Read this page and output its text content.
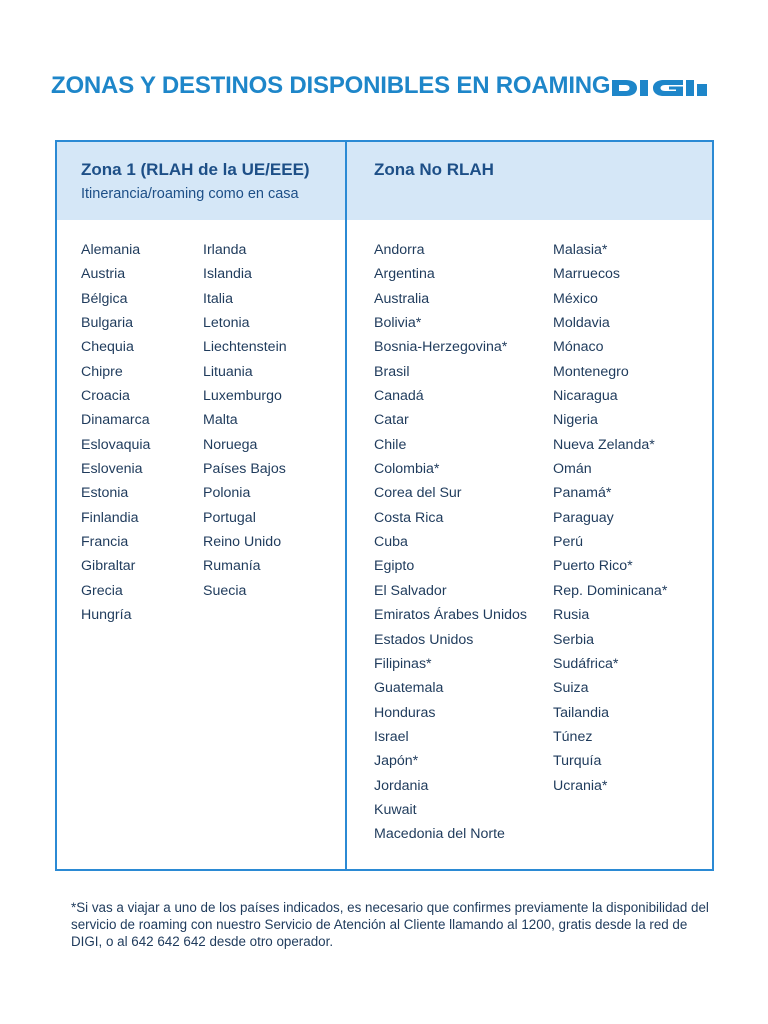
ZONAS Y DESTINOS DISPONIBLES EN ROAMING
Zona 1 (RLAH de la UE/EEE)
Itinerancia/roaming como en casa
Zona No RLAH
Alemania
Austria
Bélgica
Bulgaria
Chequia
Chipre
Croacia
Dinamarca
Eslovaquia
Eslovenia
Estonia
Finlandia
Francia
Gibraltar
Grecia
Hungría
Irlanda
Islandia
Italia
Letonia
Liechtenstein
Lituania
Luxemburgo
Malta
Noruega
Países Bajos
Polonia
Portugal
Reino Unido
Rumanía
Suecia
Andorra
Argentina
Australia
Bolivia*
Bosnia-Herzegovina*
Brasil
Canadá
Catar
Chile
Colombia*
Corea del Sur
Costa Rica
Cuba
Egipto
El Salvador
Emiratos Árabes Unidos
Estados Unidos
Filipinas*
Guatemala
Honduras
Israel
Japón*
Jordania
Kuwait
Macedonia del Norte
Malasia*
Marruecos
México
Moldavia
Mónaco
Montenegro
Nicaragua
Nigeria
Nueva Zelanda*
Omán
Panamá*
Paraguay
Perú
Puerto Rico*
Rep. Dominicana*
Rusia
Serbia
Sudáfrica*
Suiza
Tailandia
Túnez
Turquía
Ucrania*
*Si vas a viajar a uno de los países indicados, es necesario que confirmes previamente la disponibilidad del servicio de roaming con nuestro Servicio de Atención al Cliente llamando al 1200, gratis desde la red de DIGI, o al 642 642 642 desde otro operador.
